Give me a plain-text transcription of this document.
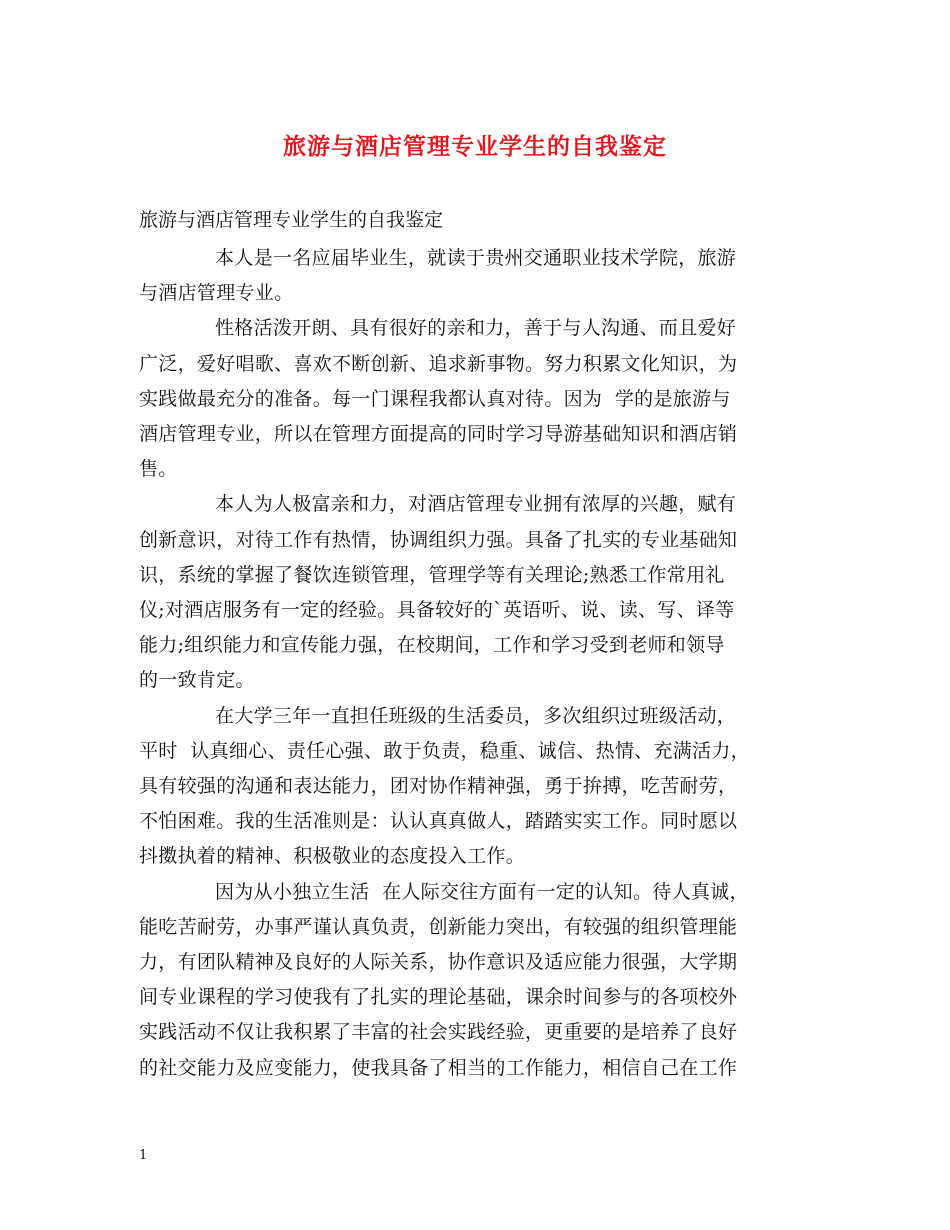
旅游与酒店管理专业学生的自我鉴定
旅游与酒店管理专业学生的自我鉴定
本人是一名应届毕业生，就读于贵州交通职业技术学院，旅游
与酒店管理专业。
性格活泼开朗、具有很好的亲和力，善于与人沟通、而且爱好
广泛，爱好唱歌、喜欢不断创新、追求新事物。努力积累文化知识，为
实践做最充分的准备。每一门课程我都认真对待。因为  学的是旅游与
酒店管理专业，所以在管理方面提高的同时学习导游基础知识和酒店销
售。
本人为人极富亲和力，对酒店管理专业拥有浓厚的兴趣，赋有
创新意识，对待工作有热情，协调组织力强。具备了扎实的专业基础知
识，系统的掌握了餐饮连锁管理，管理学等有关理论;熟悉工作常用礼
仪;对酒店服务有一定的经验。具备较好的`英语听、说、读、写、译等
能力;组织能力和宣传能力强，在校期间，工作和学习受到老师和领导
的一致肯定。
在大学三年一直担任班级的生活委员，多次组织过班级活动，
平时  认真细心、责任心强、敢于负责，稳重、诚信、热情、充满活力，
具有较强的沟通和表达能力，团对协作精神强，勇于拚搏，吃苦耐劳，
不怕困难。我的生活准则是：认认真真做人，踏踏实实工作。同时愿以
抖擞执着的精神、积极敬业的态度投入工作。
因为从小独立生活  在人际交往方面有一定的认知。待人真诚，
能吃苦耐劳，办事严谨认真负责，创新能力突出，有较强的组织管理能
力，有团队精神及良好的人际关系，协作意识及适应能力很强，大学期
间专业课程的学习使我有了扎实的理论基础，课余时间参与的各项校外
实践活动不仅让我积累了丰富的社会实践经验，更重要的是培养了良好
的社交能力及应变能力，使我具备了相当的工作能力，相信自己在工作
1
